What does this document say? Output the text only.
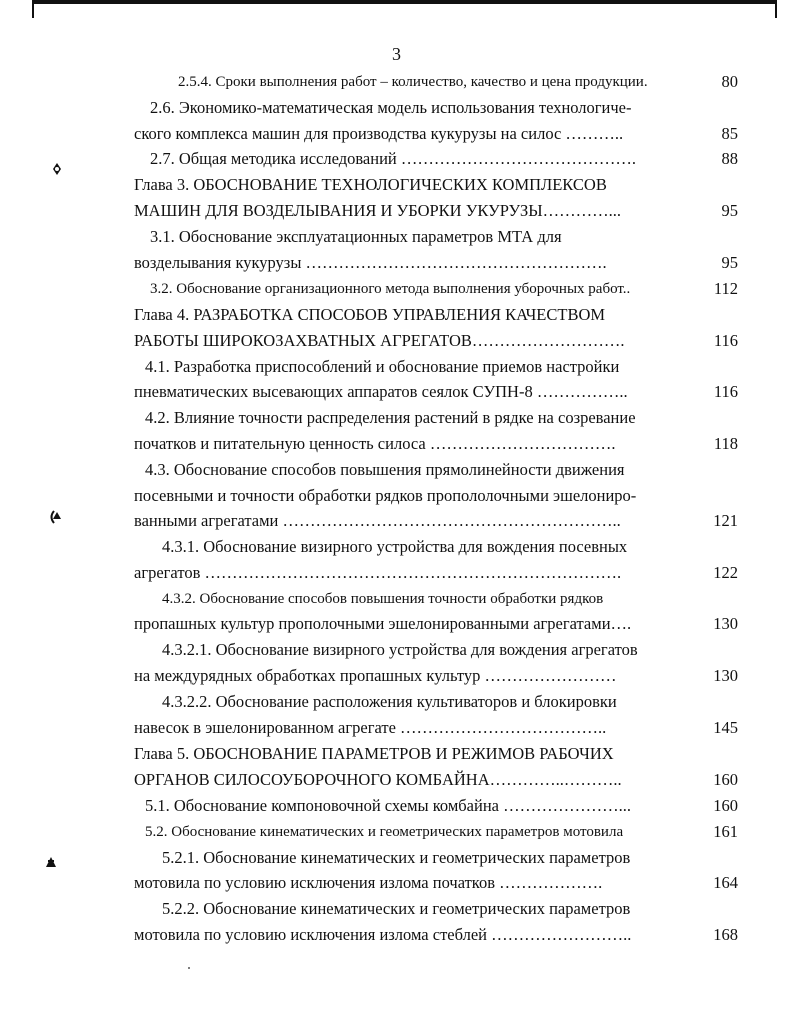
3
2.5.4. Сроки выполнения работ – количество, качество и цена продукции.	80
2.6. Экономико-математическая модель использования технологиче-
ского комплекса машин для производства кукурузы на силос ………..	85
2.7. Общая методика исследований …………………………………….	88
Глава 3. ОБОСНОВАНИЕ ТЕХНОЛОГИЧЕСКИХ КОМПЛЕКСОВ
МАШИН ДЛЯ ВОЗДЕЛЫВАНИЯ И УБОРКИ УКУРУЗЫ…………...	95
3.1. Обоснование эксплуатационных параметров МТА для
возделывания кукурузы ……………………………………………….	95
3.2. Обоснование организационного метода выполнения уборочных работ..	112
Глава 4. РАЗРАБОТКА СПОСОБОВ УПРАВЛЕНИЯ КАЧЕСТВОМ
РАБОТЫ ШИРОКОЗАХВАТНЫХ АГРЕГАТОВ……………………….	116
4.1. Разработка приспособлений и обоснование приемов настройки
пневматических высевающих аппаратов сеялок СУПН-8 ……………..	116
4.2. Влияние точности распределения растений в рядке на созревание
початков и питательную ценность силоса …………………………….	118
4.3. Обоснование способов повышения прямолинейности движения
посевными и точности обработки рядков пропололочными эшелониро-
ванными агрегатами ……………………………………………………..	121
4.3.1. Обоснование визирного устройства для вождения посевных
агрегатов ………………………………………………………………….	122
4.3.2. Обоснование способов повышения точности обработки рядков
пропашных культур прополочными эшелонированными агрегатами….	130
4.3.2.1. Обоснование визирного устройства для вождения агрегатов
на междурядных обработках пропашных культур ……………………	130
4.3.2.2. Обоснование расположения культиваторов и блокировки
навесок в эшелонированном агрегате ………………………………..	145
Глава 5. ОБОСНОВАНИЕ ПАРАМЕТРОВ И РЕЖИМОВ РАБОЧИХ
ОРГАНОВ СИЛОСОУБОРОЧНОГО КОМБАЙНА…………..………..	160
5.1. Обоснование компоновочной схемы комбайна …………………...	160
5.2. Обоснование кинематических и геометрических параметров мотовила	161
5.2.1. Обоснование кинематических и геометрических параметров
мотовила по условию исключения излома початков ……………….	164
5.2.2. Обоснование кинематических и геометрических параметров
мотовила по условию исключения излома стеблей ……………………..	168
